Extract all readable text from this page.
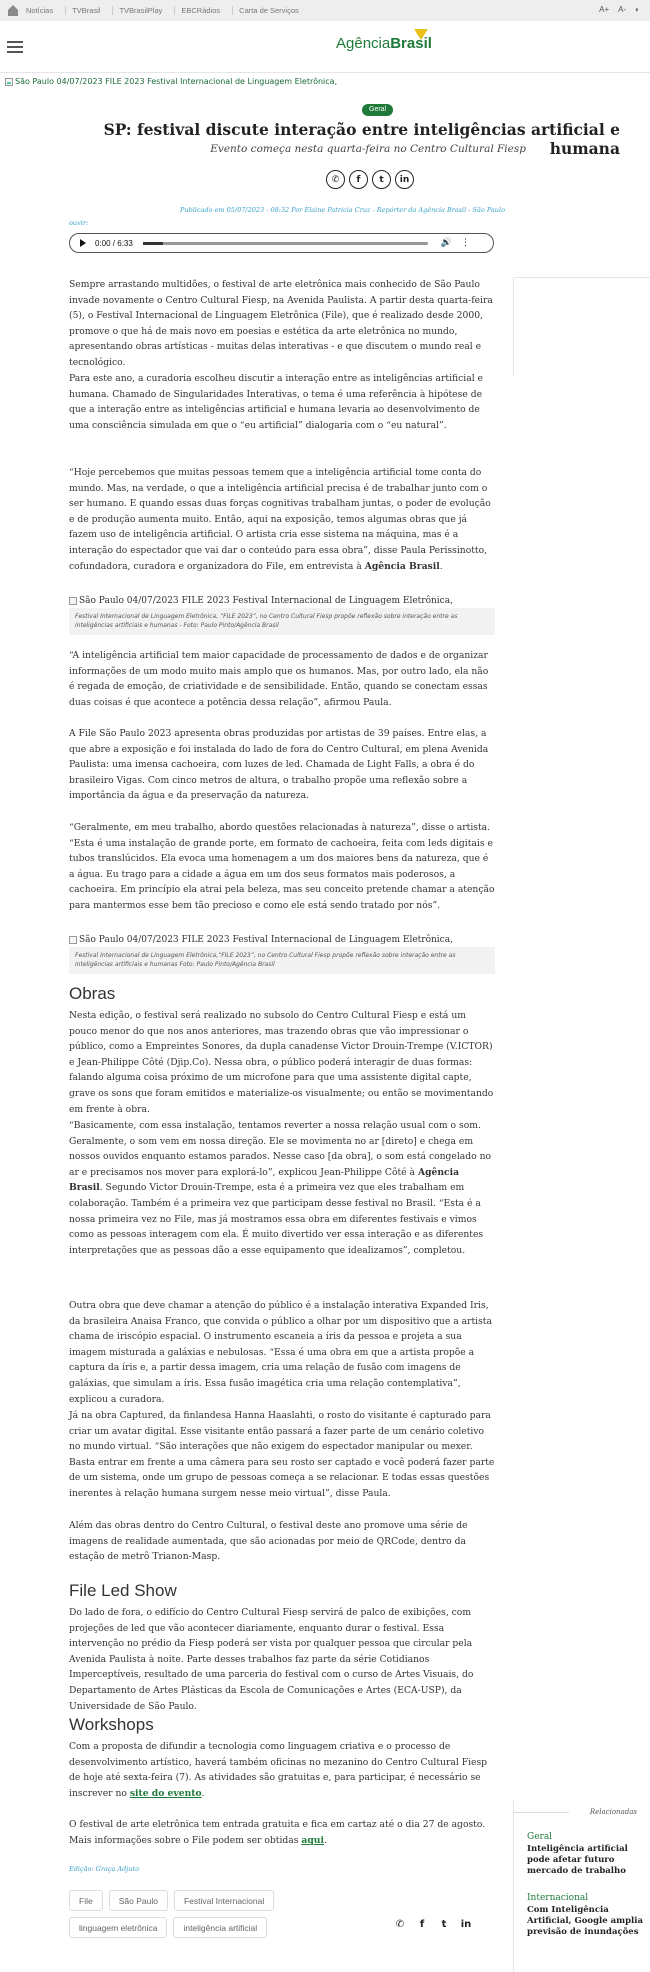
Notícias	TVBrasil	TVBrasilPlay	EBCRádios	Carta de Serviços	A+ A- ◐
AgênciaBrasil
São Paulo 04/07/2023 FILE 2023 Festival Internacional de Linguagem Eletrônica,
Geral
SP: festival discute interação entre inteligências artificial e humana
Evento começa nesta quarta-feira no Centro Cultural Fiesp
✆	f	t	in
Publicado em 05/07/2023 - 08:32 Por Elaine Patricia Cruz - Repórter da Agência Brasil - São Paulo
ouvir:
0:00 / 6:33	🔊 ⋮
Sempre arrastando multidões, o festival de arte eletrônica mais conhecido de São Paulo invade novamente o Centro Cultural Fiesp, na Avenida Paulista. A partir desta quarta-feira (5), o Festival Internacional de Linguagem Eletrônica (File), que é realizado desde 2000, promove o que há de mais novo em poesias e estética da arte eletrônica no mundo, apresentando obras artísticas - muitas delas interativas - e que discutem o mundo real e tecnológico.
Para este ano, a curadoria escolheu discutir a interação entre as inteligências artificial e humana. Chamado de Singularidades Interativas, o tema é uma referência à hipótese de que a interação entre as inteligências artificial e humana levaria ao desenvolvimento de uma consciência simulada em que o “eu artificial” dialogaria com o “eu natural”.
“Hoje percebemos que muitas pessoas temem que a inteligência artificial tome conta do mundo. Mas, na verdade, o que a inteligência artificial precisa é de trabalhar junto com o ser humano. E quando essas duas forças cognitivas trabalham juntas, o poder de evolução e de produção aumenta muito. Então, aqui na exposição, temos algumas obras que já fazem uso de inteligência artificial. O artista cria esse sistema na máquina, mas é a interação do espectador que vai dar o conteúdo para essa obra”, disse Paula Perissinotto, cofundadora, curadora e organizadora do File, em entrevista à Agência Brasil.
São Paulo 04/07/2023 FILE 2023 Festival Internacional de Linguagem Eletrônica,
Festival Internacional de Linguagem Eletrônica, “FILE 2023”, no Centro Cultural Fiesp propõe reflexão sobre interação entre as inteligências artificiais e humanas - Foto: Paulo Pinto/Agência Brasil
“A inteligência artificial tem maior capacidade de processamento de dados e de organizar informações de um modo muito mais amplo que os humanos. Mas, por outro lado, ela não é regada de emoção, de criatividade e de sensibilidade. Então, quando se conectam essas duas coisas é que acontece a potência dessa relação”, afirmou Paula.
A File São Paulo 2023 apresenta obras produzidas por artistas de 39 países. Entre elas, a que abre a exposição e foi instalada do lado de fora do Centro Cultural, em plena Avenida Paulista: uma imensa cachoeira, com luzes de led. Chamada de Light Falls, a obra é do brasileiro Vigas. Com cinco metros de altura, o trabalho propõe uma reflexão sobre a importância da água e da preservação da natureza.
“Geralmente, em meu trabalho, abordo questões relacionadas à natureza”, disse o artista. “Esta é uma instalação de grande porte, em formato de cachoeira, feita com leds digitais e tubos translúcidos. Ela evoca uma homenagem a um dos maiores bens da natureza, que é a água. Eu trago para a cidade a água em um dos seus formatos mais poderosos, a cachoeira. Em princípio ela atrai pela beleza, mas seu conceito pretende chamar a atenção para mantermos esse bem tão precioso e como ele está sendo tratado por nós”.
São Paulo 04/07/2023 FILE 2023 Festival Internacional de Linguagem Eletrônica,
Festival Internacional de Linguagem Eletrônica,“FILE 2023”, no Centro Cultural Fiesp propõe reflexão sobre interação entre as inteligências artificiais e humanas Foto: Paulo Pinto/Agência Brasil
Obras
Nesta edição, o festival será realizado no subsolo do Centro Cultural Fiesp e está um pouco menor do que nos anos anteriores, mas trazendo obras que vão impressionar o público, como a Empreintes Sonores, da dupla canadense Victor Drouin-Trempe (V.ICTOR) e Jean-Philippe Côté (Djip.Co). Nessa obra, o público poderá interagir de duas formas: falando alguma coisa próximo de um microfone para que uma assistente digital capte, grave os sons que foram emitidos e materialize-os visualmente; ou então se movimentando em frente à obra.
“Basicamente, com essa instalação, tentamos reverter a nossa relação usual com o som. Geralmente, o som vem em nossa direção. Ele se movimenta no ar [direto] e chega em nossos ouvidos enquanto estamos parados. Nesse caso [da obra], o som está congelado no ar e precisamos nos mover para explorá-lo”, explicou Jean-Philippe Côté à Agência Brasil. Segundo Victor Drouin-Trempe, esta é a primeira vez que eles trabalham em colaboração. Também é a primeira vez que participam desse festival no Brasil. “Esta é a nossa primeira vez no File, mas já mostramos essa obra em diferentes festivais e vimos como as pessoas interagem com ela. É muito divertido ver essa interação e as diferentes interpretações que as pessoas dão a esse equipamento que idealizamos”, completou.
Outra obra que deve chamar a atenção do público é a instalação interativa Expanded Iris, da brasileira Anaisa Franco, que convida o público a olhar por um dispositivo que a artista chama de iriscópio espacial. O instrumento escaneia a íris da pessoa e projeta a sua imagem misturada a galáxias e nebulosas. “Essa é uma obra em que a artista propõe a captura da íris e, a partir dessa imagem, cria uma relação de fusão com imagens de galáxias, que simulam a íris. Essa fusão imagética cria uma relação contemplativa”, explicou a curadora.
Já na obra Captured, da finlandesa Hanna Haaslahti, o rosto do visitante é capturado para criar um avatar digital. Esse visitante então passará a fazer parte de um cenário coletivo no mundo virtual. “São interações que não exigem do espectador manipular ou mexer. Basta entrar em frente a uma câmera para seu rosto ser captado e você poderá fazer parte de um sistema, onde um grupo de pessoas começa a se relacionar. E todas essas questões inerentes à relação humana surgem nesse meio virtual”, disse Paula.
Além das obras dentro do Centro Cultural, o festival deste ano promove uma série de imagens de realidade aumentada, que são acionadas por meio de QRCode, dentro da estação de metrô Trianon-Masp.
File Led Show
Do lado de fora, o edifício do Centro Cultural Fiesp servirá de palco de exibições, com projeções de led que vão acontecer diariamente, enquanto durar o festival. Essa intervenção no prédio da Fiesp poderá ser vista por qualquer pessoa que circular pela Avenida Paulista à noite. Parte desses trabalhos faz parte da série Cotidianos Imperceptíveis, resultado de uma parceria do festival com o curso de Artes Visuais, do Departamento de Artes Plásticas da Escola de Comunicações e Artes (ECA-USP), da Universidade de São Paulo.
Workshops
Com a proposta de difundir a tecnologia como linguagem criativa e o processo de desenvolvimento artístico, haverá também oficinas no mezanino do Centro Cultural Fiesp de hoje até sexta-feira (7). As atividades são gratuitas e, para participar, é necessário se inscrever no site do evento.
O festival de arte eletrônica tem entrada gratuita e fica em cartaz até o dia 27 de agosto. Mais informações sobre o File podem ser obtidas aqui.
Edição: Graça Adjuto
File	São Paulo	Festival Internacional
linguagem eletrônica	inteligência artificial	✆	f	t	in
Relacionadas
Geral
Inteligência artificial pode afetar futuro mercado de trabalho
Internacional
Com Inteligência Artificial, Google amplia previsão de inundações
